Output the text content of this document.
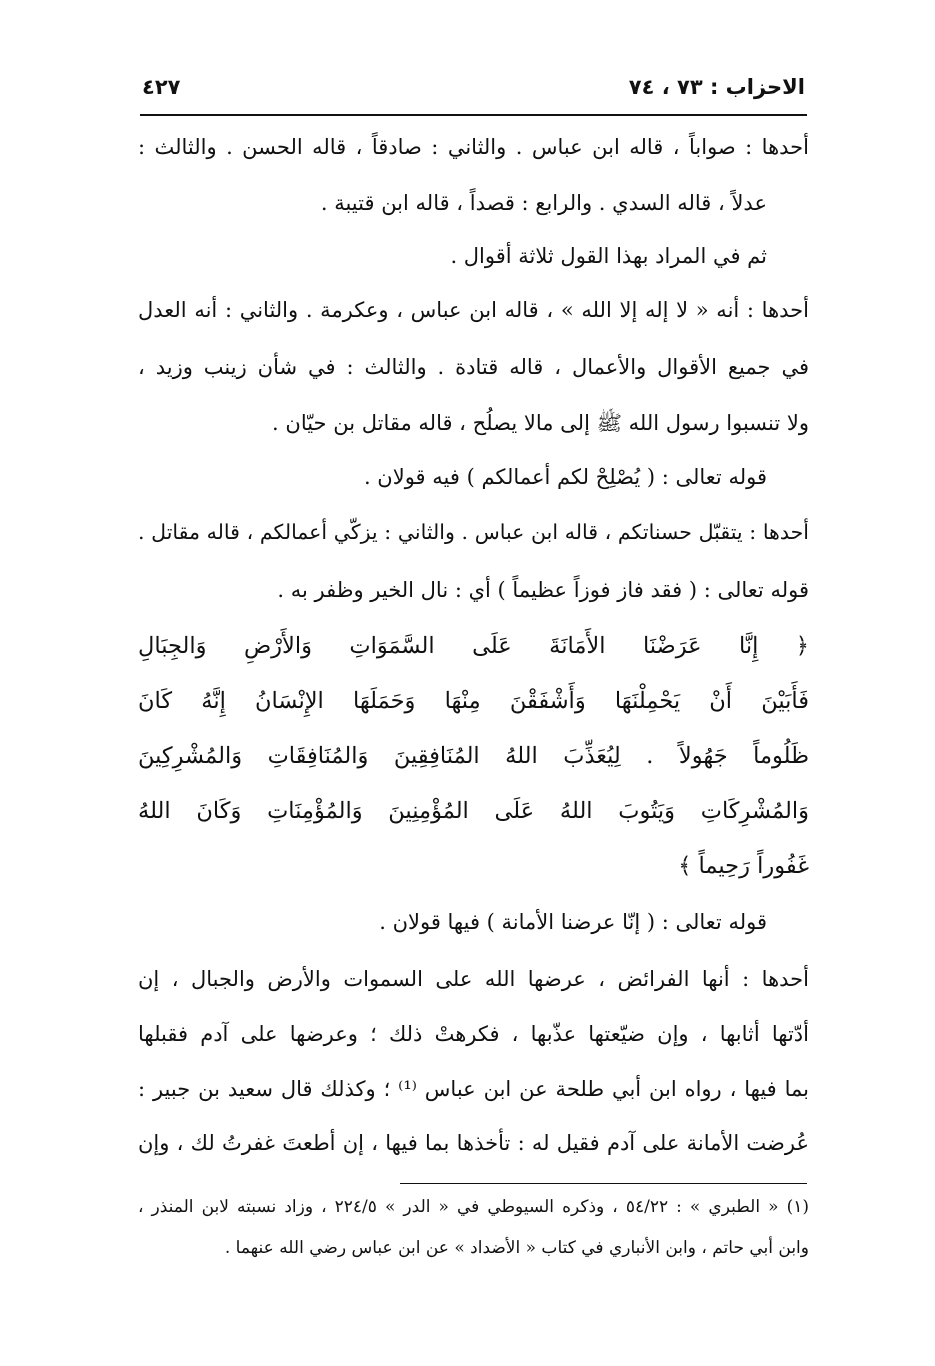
٤٢٧	الاحزاب : ٧٣ ، ٧٤
أحدها : صواباً ، قاله ابن عباس . والثاني : صادقاً ، قاله الحسن . والثالث :
عدلاً ، قاله السدي . والرابع : قصداً ، قاله ابن قتيبة .
ثم في المراد بهذا القول ثلاثة أقوال .
أحدها : أنه « لا إله إلا الله » ، قاله ابن عباس ، وعكرمة . والثاني : أنه العدل
في جميع الأقوال والأعمال ، قاله قتادة . والثالث : في شأن زينب وزيد ،
ولا تنسبوا رسول الله ﷺ إلى مالا يصلُح ، قاله مقاتل بن حيّان .
قوله تعالى : ( يُصْلِحْ لكم أعمالكم ) فيه قولان .
أحدها : يتقبّل حسناتكم ، قاله ابن عباس . والثاني : يزكّي أعمالكم ، قاله مقاتل .
قوله تعالى : ( فقد فاز فوزاً عظيماً ) أي : نال الخير وظفر به .
﴿ إِنَّا عَرَضْنَا الأَمَانَةَ عَلَى السَّمَوَاتِ وَالأَرْضِ وَالجِبَالِ
فَأَبَيْنَ أَنْ يَحْمِلْنَهَا وَأَشْفَقْنَ مِنْهَا وَحَمَلَهَا الإِنْسَانُ إِنَّهُ كَانَ
ظَلُوماً جَهُولاً . لِيُعَذِّبَ اللهُ المُنَافِقِينَ وَالمُنَافِقَاتِ وَالمُشْرِكِينَ
وَالمُشْرِكَاتِ وَيَتُوبَ اللهُ عَلَى المُؤْمِنِينَ وَالمُؤْمِنَاتِ وَكَانَ اللهُ
غَفُوراً رَحِيماً ﴾
قوله تعالى : ( إنّا عرضنا الأمانة ) فيها قولان .
أحدها : أنها الفرائض ، عرضها الله على السموات والأرض والجبال ، إن
أدّتها أثابها ، وإن ضيّعتها عذّبها ، فكرهتْ ذلك ؛ وعرضها على آدم فقبلها
بما فيها ، رواه ابن أبي طلحة عن ابن عباس ⁽¹⁾ ؛ وكذلك قال سعيد بن جبير :
عُرضت الأمانة على آدم فقيل له : تأخذها بما فيها ، إن أطعتَ غفرتُ لك ، وإن
(١) « الطبري » : ٥٤/٢٢ ، وذكره السيوطي في « الدر » ٢٢٤/٥ ، وزاد نسبته لابن المنذر ،
وابن أبي حاتم ، وابن الأنباري في كتاب « الأضداد » عن ابن عباس رضي الله عنهما .
